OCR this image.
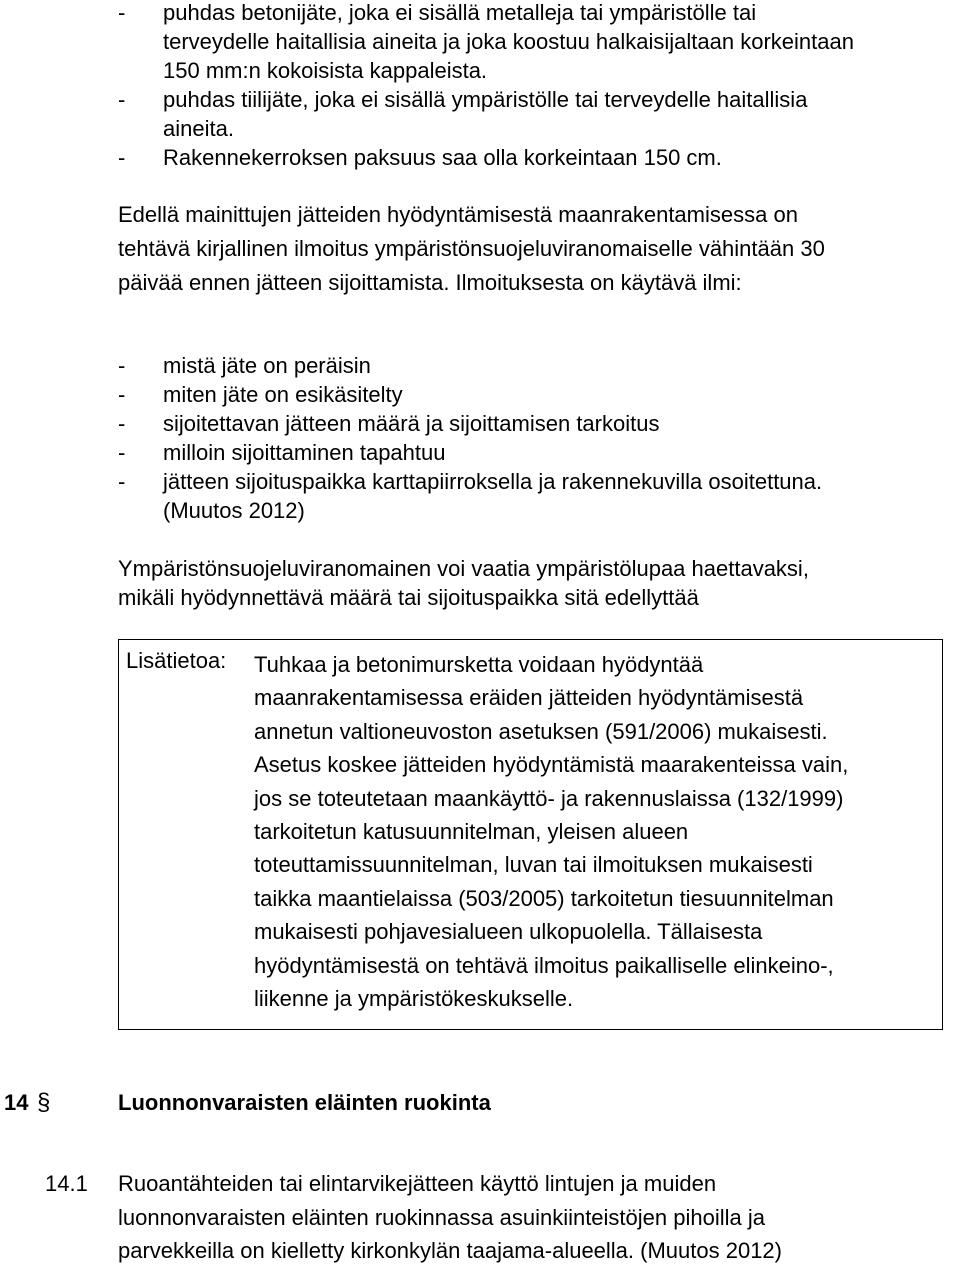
- puhdas betonijäte, joka ei sisällä metalleja tai ympäristölle tai
terveydelle haitallisia aineita ja joka koostuu halkaisijaltaan korkeintaan
150 mm:n kokoisista kappaleista.
- puhdas tiilijäte, joka ei sisällä ympäristölle tai terveydelle haitallisia
aineita.
- Rakennekerroksen paksuus saa olla korkeintaan 150 cm.
Edellä mainittujen jätteiden hyödyntämisestä maanrakentamisessa on
tehtävä kirjallinen ilmoitus ympäristönsuojeluviranomaiselle vähintään 30
päivää ennen jätteen sijoittamista. Ilmoituksesta on käytävä ilmi:
- mistä jäte on peräisin
- miten jäte on esikäsitelty
- sijoitettavan jätteen määrä ja sijoittamisen tarkoitus
- milloin sijoittaminen tapahtuu
- jätteen sijoituspaikka karttapiirroksella ja rakennekuvilla osoitettuna.
(Muutos 2012)
Ympäristönsuojeluviranomainen voi vaatia ympäristölupaa haettavaksi,
mikäli hyödynnettävä määrä tai sijoituspaikka sitä edellyttää
Lisätietoa: Tuhkaa ja betonimursketta voidaan hyödyntää
maanrakentamisessa eräiden jätteiden hyödyntämisestä
annetun valtioneuvoston asetuksen (591/2006) mukaisesti.
Asetus koskee jätteiden hyödyntämistä maarakenteissa vain,
jos se toteutetaan maankäyttö- ja rakennuslaissa (132/1999)
tarkoitetun katusuunnitelman, yleisen alueen
toteuttamissuunnitelman, luvan tai ilmoituksen mukaisesti
taikka maantielaissa (503/2005) tarkoitetun tiesuunnitelman
mukaisesti pohjavesialueen ulkopuolella. Tällaisesta
hyödyntämisestä on tehtävä ilmoitus paikalliselle elinkeino-,
liikenne ja ympäristökeskukselle.
14 §	Luonnonvaraisten eläinten ruokinta
14.1 Ruoantähteiden tai elintarvikejätteen käyttö lintujen ja muiden
luonnonvaraisten eläinten ruokinnassa asuinkiinteistöjen pihoilla ja
parvekkeilla on kielletty kirkonkylän taajama-alueella. (Muutos 2012)
